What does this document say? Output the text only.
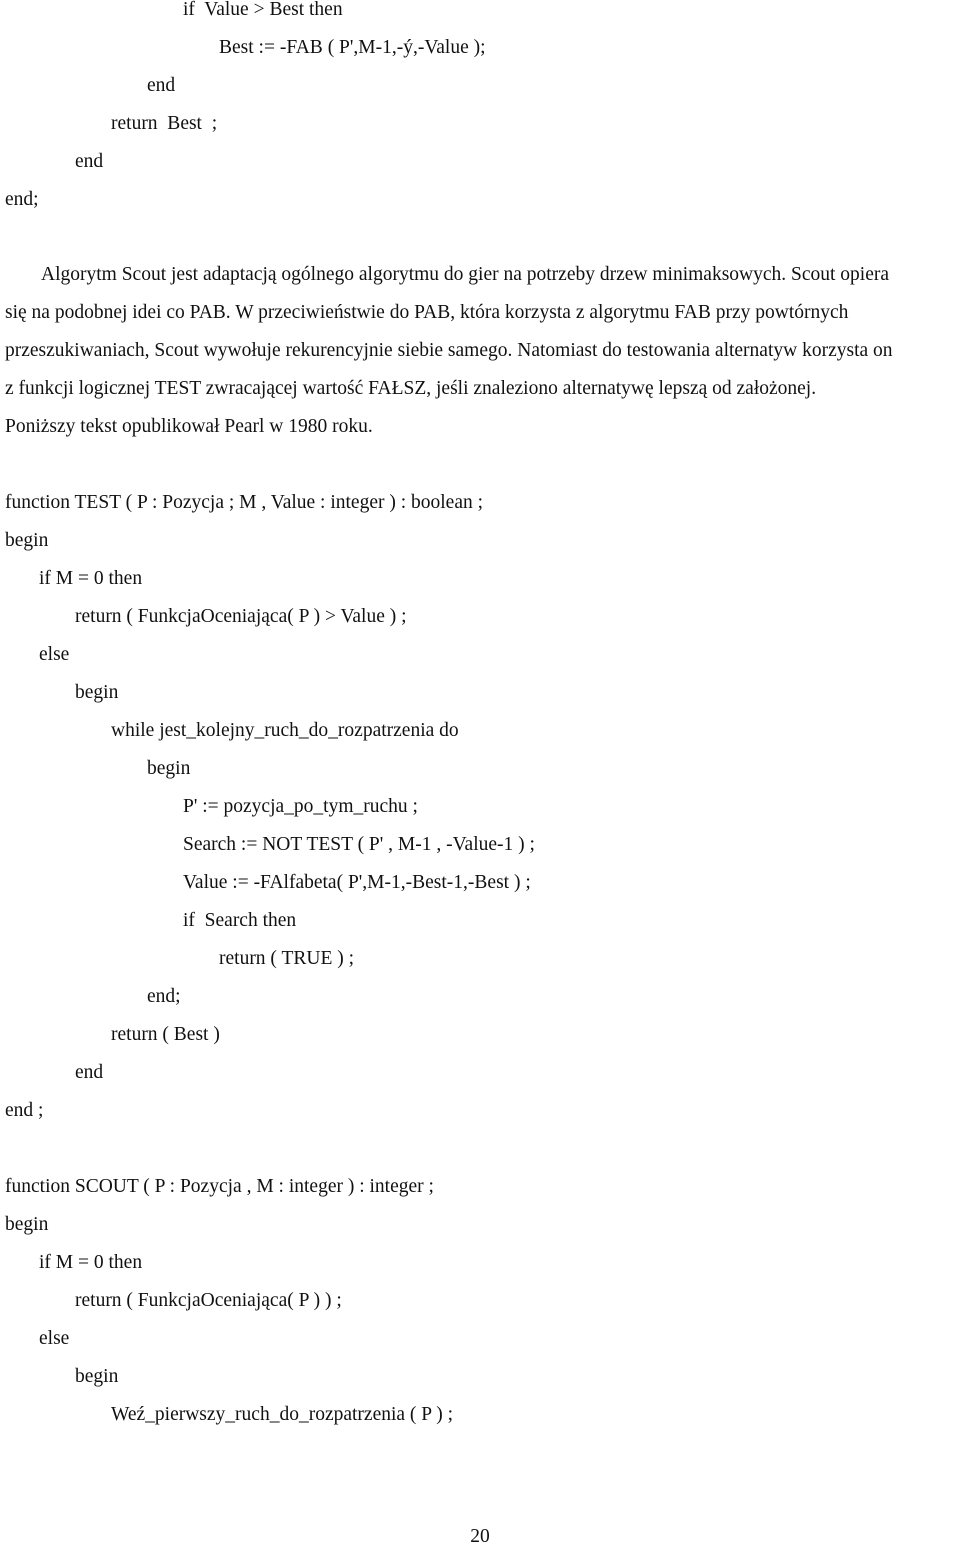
if  Value > Best then
Best := -FAB ( P',M-1,-ý,-Value );
end
return  Best  ;
end
end;
Algorytm Scout jest adaptacją ogólnego algorytmu do gier na potrzeby drzew minimaksowych. Scout opiera
się na podobnej idei co PAB. W przeciwieństwie do PAB, która korzysta z algorytmu FAB przy powtórnych
przeszukiwaniach, Scout wywołuje rekurencyjnie siebie samego. Natomiast do testowania alternatyw korzysta on
z funkcji logicznej TEST zwracającej wartość FAŁSZ, jeśli znaleziono alternatywę lepszą od założonej.
Poniższy tekst opublikował Pearl w 1980 roku.
function TEST ( P : Pozycja ; M , Value : integer ) : boolean ;
begin
if M = 0 then
return ( FunkcjaOceniająca( P ) > Value ) ;
else
begin
while jest_kolejny_ruch_do_rozpatrzenia do
begin
P' := pozycja_po_tym_ruchu ;
Search := NOT TEST ( P' , M-1 , -Value-1 ) ;
Value := -FAlfabeta( P',M-1,-Best-1,-Best ) ;
if  Search then
return ( TRUE ) ;
end;
return ( Best )
end
end ;
function SCOUT ( P : Pozycja , M : integer ) : integer ;
begin
if M = 0 then
return ( FunkcjaOceniająca( P ) ) ;
else
begin
Weź_pierwszy_ruch_do_rozpatrzenia ( P ) ;
20
